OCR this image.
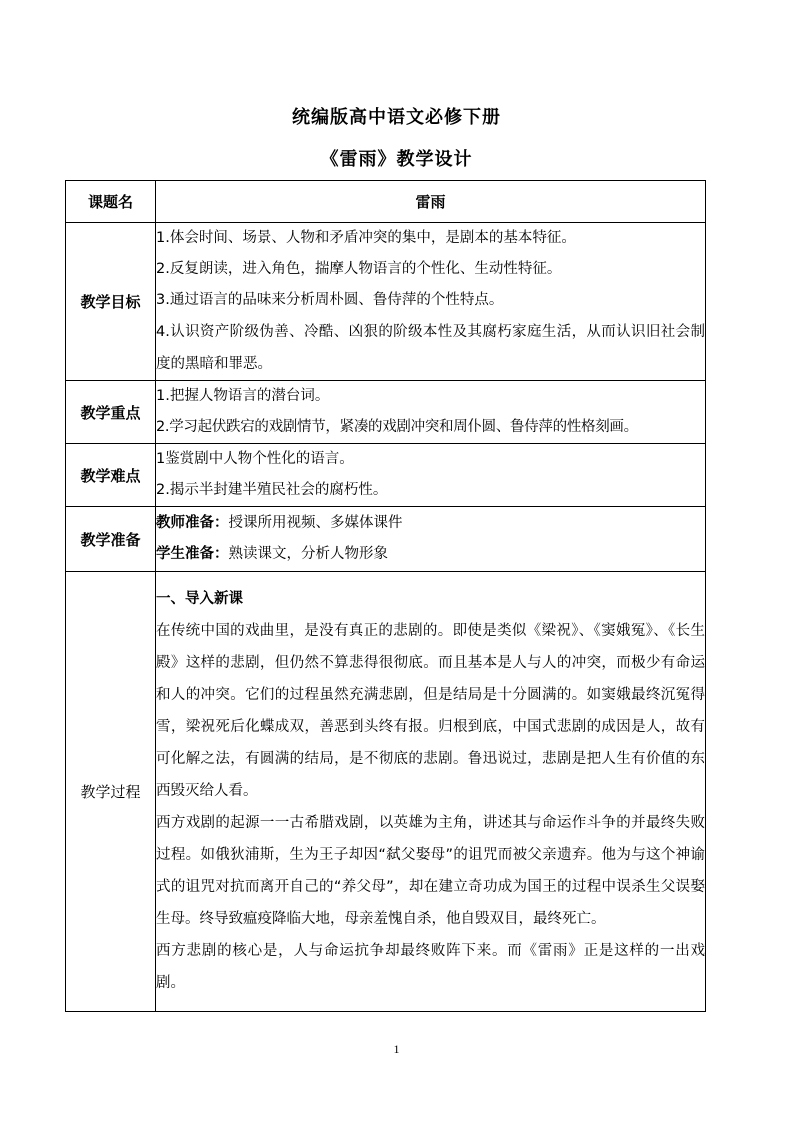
统编版高中语文必修下册
《雷雨》教学设计
课题名	雷雨
教学目标	1.体会时间、场景、人物和矛盾冲突的集中，是剧本的基本特征。
2.反复朗读，进入角色，揣摩人物语言的个性化、生动性特征。
3.通过语言的品味来分析周朴圆、鲁侍萍的个性特点。
4.认识资产阶级伪善、冷酷、凶狠的阶级本性及其腐朽家庭生活，从而认识旧社会制度的黑暗和罪恶。

教学重点	1.把握人物语言的潜台词。
2.学习起伏跌宕的戏剧情节，紧凑的戏剧冲突和周仆圆、鲁侍萍的性格刻画。

教学难点	1鉴赏剧中人物个性化的语言。
2.揭示半封建半殖民社会的腐朽性。

教学准备	教师准备：授课所用视频、多媒体课件
学生准备：熟读课文，分析人物形象

教学过程	一、导入新课
在传统中国的戏曲里，是没有真正的悲剧的。即使是类似《梁祝》、《窦娥冤》、《长生殿》这样的悲剧，但仍然不算悲得很彻底。而且基本是人与人的冲突，而极少有命运和人的冲突。它们的过程虽然充满悲剧，但是结局是十分圆满的。如窦娥最终沉冤得雪，梁祝死后化蝶成双，善恶到头终有报。归根到底，中国式悲剧的成因是人，故有可化解之法，有圆满的结局，是不彻底的悲剧。鲁迅说过，悲剧是把人生有价值的东西毁灭给人看。
西方戏剧的起源一一古希腊戏剧，以英雄为主角，讲述其与命运作斗争的并最终失败过程。如俄狄浦斯，生为王子却因“弑父娶母”的诅咒而被父亲遗弃。他为与这个神谕式的诅咒对抗而离开自己的“养父母”，却在建立奇功成为国王的过程中误杀生父误娶生母。终导致瘟疫降临大地，母亲羞愧自杀，他自毁双目，最终死亡。
西方悲剧的核心是，人与命运抗争却最终败阵下来。而《雷雨》正是这样的一出戏剧。
1
